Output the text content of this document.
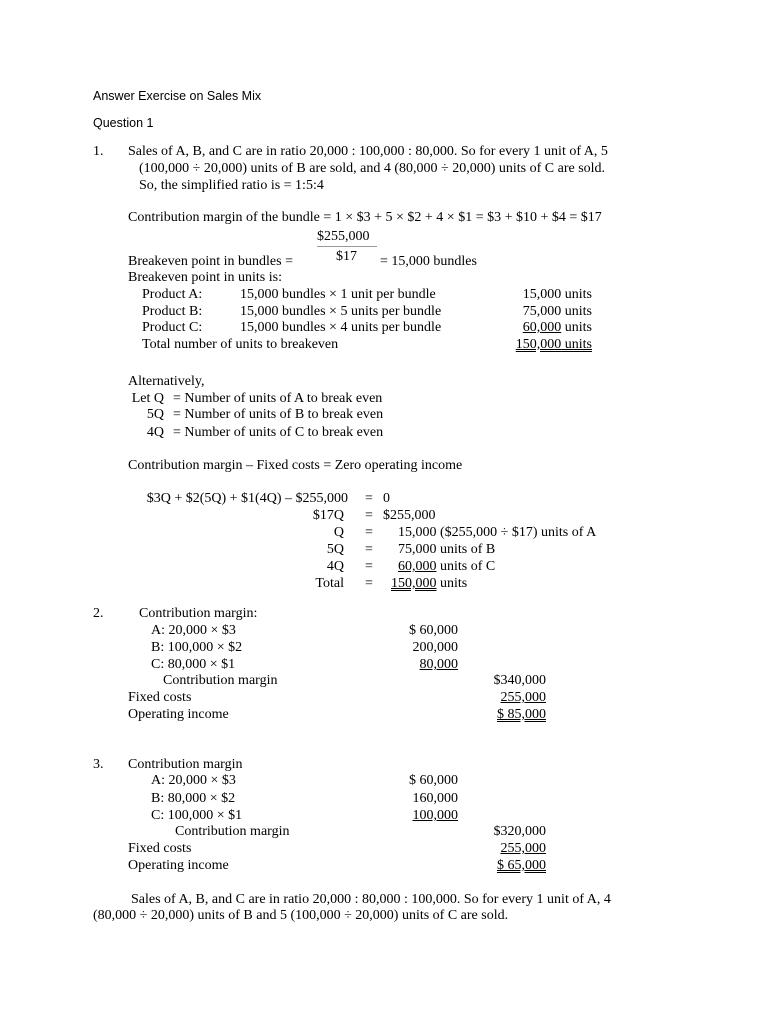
Answer Exercise on Sales Mix
Question 1
1. Sales of A, B, and C are in ratio 20,000 : 100,000 : 80,000. So for every 1 unit of A, 5
(100,000 ÷ 20,000) units of B are sold, and 4 (80,000 ÷ 20,000) units of C are sold.
So, the simplified ratio is = 1:5:4
Contribution margin of the bundle = 1 × $3 + 5 × $2 + 4 × $1 = $3 + $10 + $4 = $17
$255,000
Breakeven point in bundles =	$17 = 15,000 bundles
Breakeven point in units is:
Product A:	15,000 bundles × 1 unit per bundle	15,000 units
Product B:	15,000 bundles × 5 units per bundle	75,000 units
Product C:	15,000 bundles × 4 units per bundle	60,000 units
Total number of units to breakeven	150,000 units
Alternatively,
Let Q = Number of units of A to break even
5Q = Number of units of B to break even
4Q = Number of units of C to break even
Contribution margin – Fixed costs = Zero operating income
$3Q + $2(5Q) + $1(4Q) – $255,000 = 0
$17Q = $255,000
Q = 15,000 ($255,000 ÷ $17) units of A
5Q = 75,000 units of B
4Q = 60,000 units of C
Total = 150,000 units
2.	Contribution margin:
A: 20,000 × $3	$ 60,000
B: 100,000 × $2	200,000
C: 80,000 × $1	80,000
Contribution margin	$340,000
Fixed costs	255,000
Operating income	$ 85,000
3. Contribution margin
A: 20,000 × $3	$ 60,000
B: 80,000 × $2	160,000
C: 100,000 × $1	100,000
Contribution margin	$320,000
Fixed costs	255,000
Operating income	$ 65,000
Sales of A, B, and C are in ratio 20,000 : 80,000 : 100,000. So for every 1 unit of A, 4
(80,000 ÷ 20,000) units of B and 5 (100,000 ÷ 20,000) units of C are sold.
